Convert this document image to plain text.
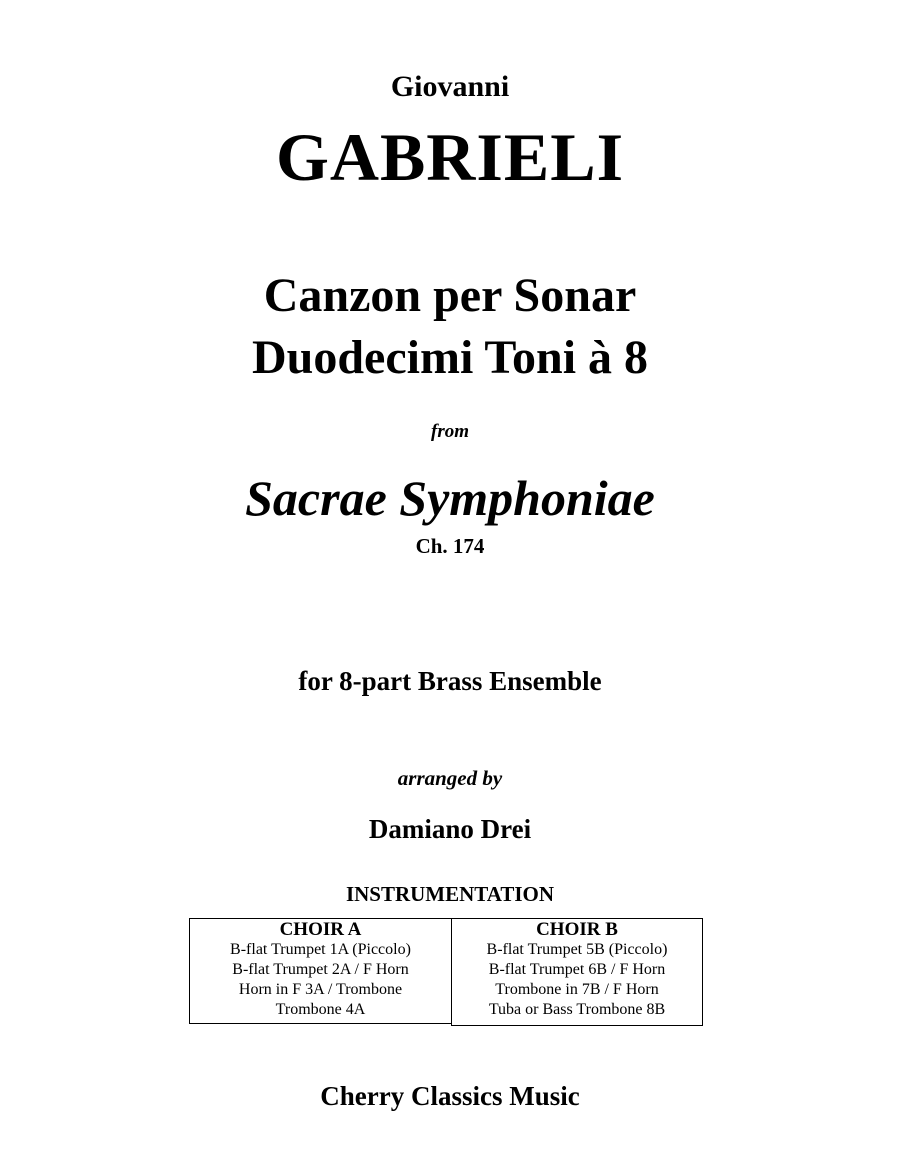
Giovanni

GABRIELI

Canzon per Sonar

Duodecimi Toni à 8

from

Sacrae Symphoniae

Ch. 174

for 8-part Brass Ensemble

arranged by

Damiano Drei

INSTRUMENTATION

CHOIR A
B-flat Trumpet 1A (Piccolo)
B-flat Trumpet 2A / F Horn
Horn in F 3A / Trombone
Trombone 4A
CHOIR B
B-flat Trumpet 5B (Piccolo)
B-flat Trumpet 6B / F Horn
Trombone in 7B / F Horn
Tuba or Bass Trombone 8B

Cherry Classics Music
